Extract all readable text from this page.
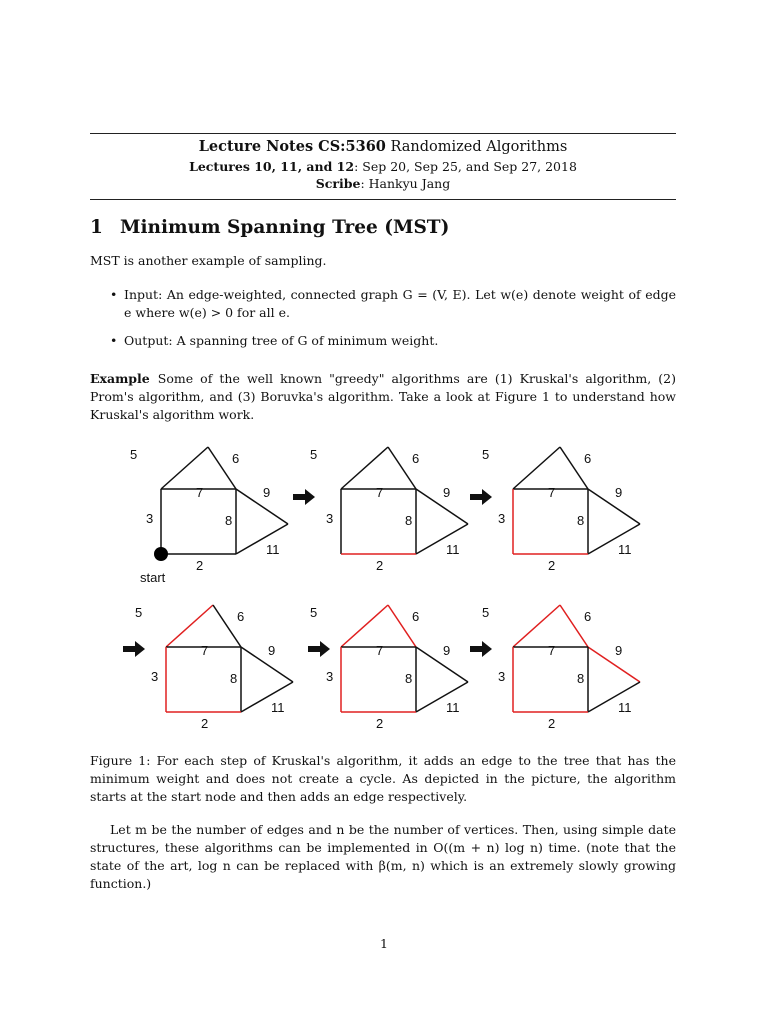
Lecture Notes CS:5360 Randomized Algorithms
Lectures 10, 11, and 12: Sep 20, Sep 25, and Sep 27, 2018
Scribe: Hankyu Jang
1 Minimum Spanning Tree (MST)
MST is another example of sampling.
• Input: An edge-weighted, connected graph G = (V, E). Let w(e) denote weight of edge e where w(e) > 0 for all e.
• Output: A spanning tree of G of minimum weight.
Example Some of the well known "greedy" algorithms are (1) Kruskal's algorithm, (2) Prom's algorithm, and (3) Boruvka's algorithm. Take a look at Figure 1 to understand how Kruskal's algorithm work.
5	6
7	9
3	8
11
2
start
5	6
7	9
3	8
11
2
5	6
7	9
3	8
11
2
5	6
7	9
3	8
11
2
5	6
7	9
3	8
11
2
5	6
7	9
3	8
11
2
Figure 1: For each step of Kruskal's algorithm, it adds an edge to the tree that has the minimum weight and does not create a cycle. As depicted in the picture, the algorithm starts at the start node and then adds an edge respectively.
Let m be the number of edges and n be the number of vertices. Then, using simple date structures, these algorithms can be implemented in O((m + n) log n) time. (note that the state of the art, log n can be replaced with β(m, n) which is an extremely slowly growing function.)
1
